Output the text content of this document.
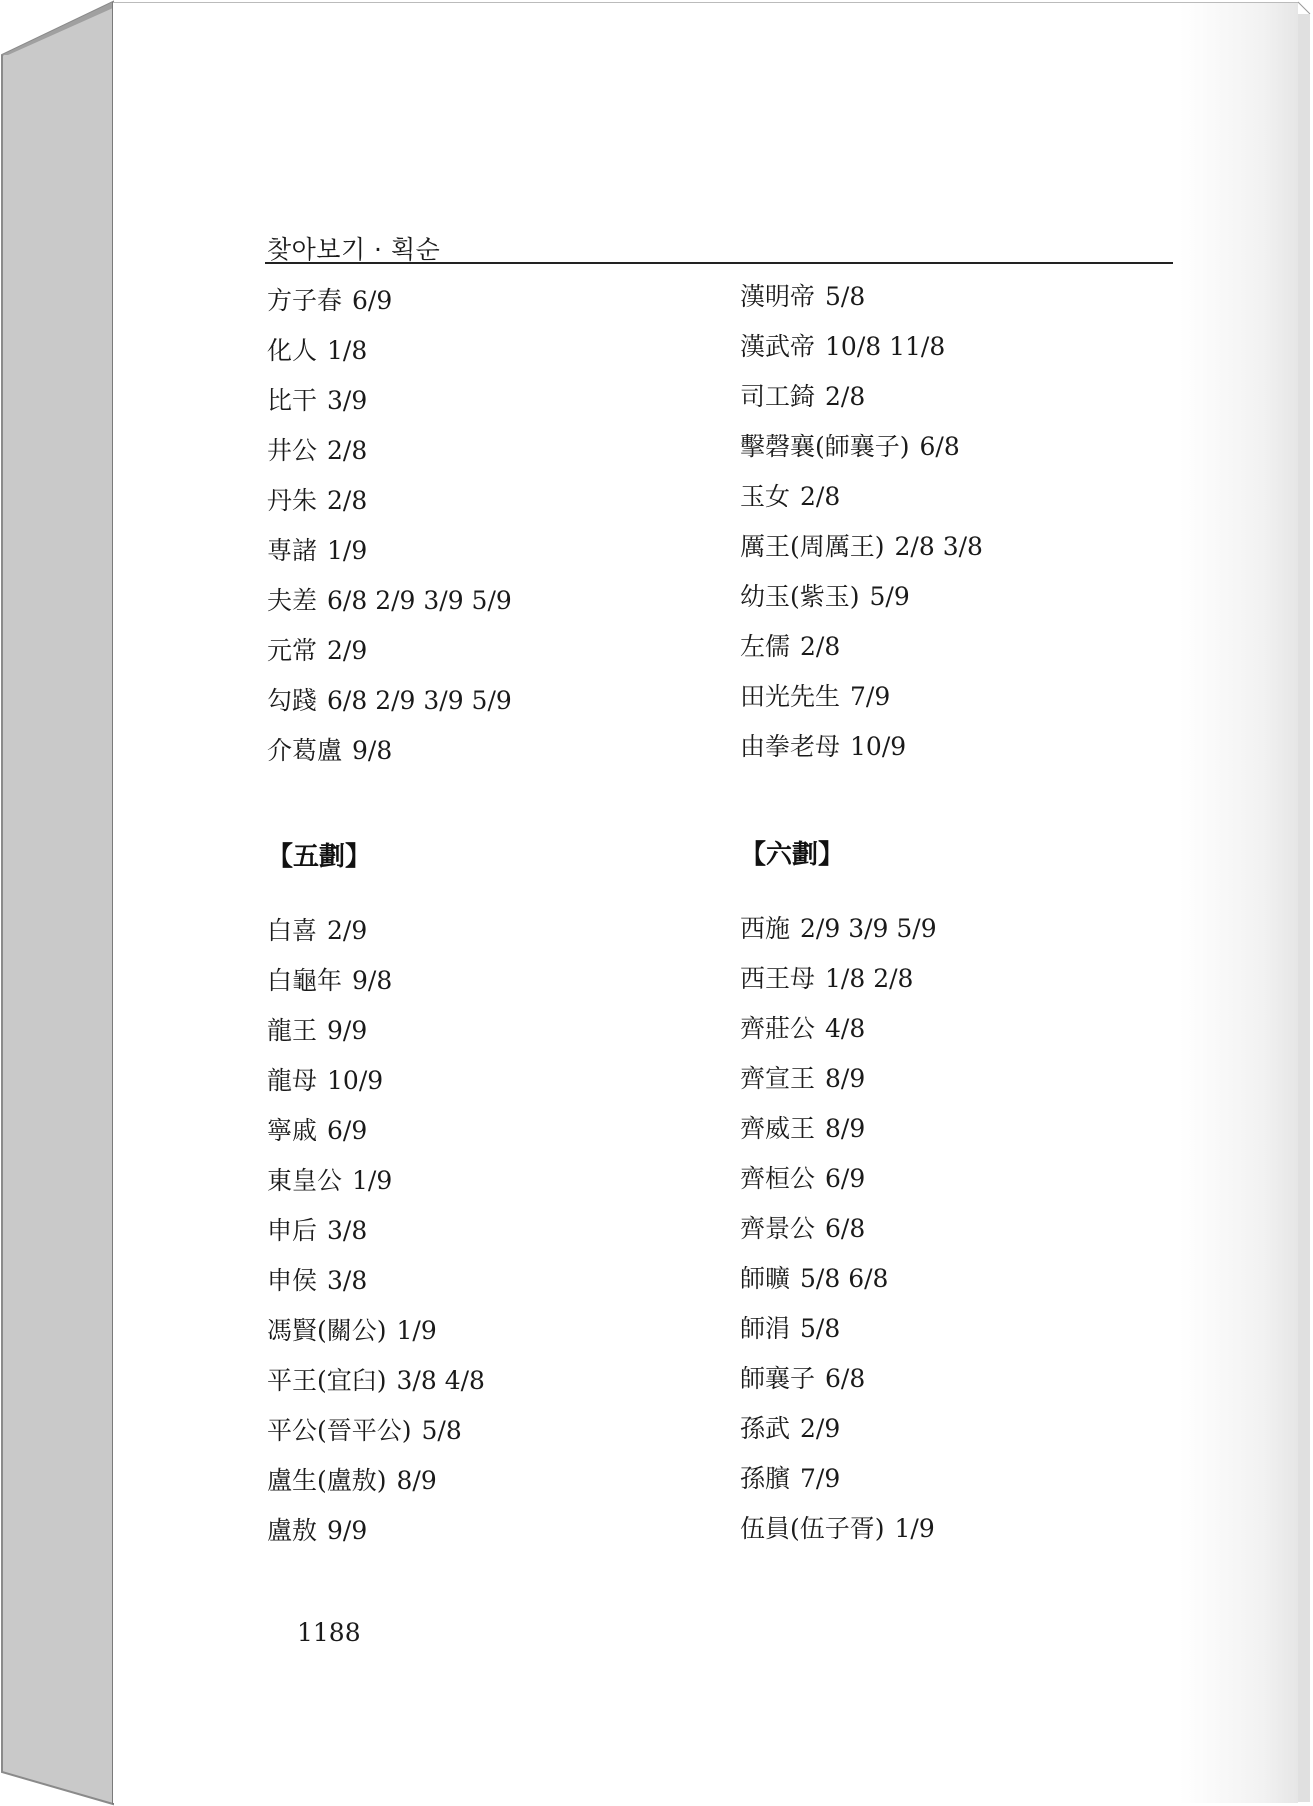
찾아보기 · 획순
方子春 6/9
化人 1/8
比干 3/9
井公 2/8
丹朱 2/8
専諸 1/9
夫差 6/8 2/9 3/9 5/9
元常 2/9
勾踐 6/8 2/9 3/9 5/9
介葛盧 9/8
【五劃】
白喜 2/9
白龜年 9/8
龍王 9/9
龍母 10/9
寧戚 6/9
東皇公 1/9
申后 3/8
申侯 3/8
馮賢(關公) 1/9
平王(宜臼) 3/8 4/8
平公(晉平公) 5/8
盧生(盧敖) 8/9
盧敖 9/9
漢明帝 5/8
漢武帝 10/8 11/8
司工錡 2/8
擊磬襄(師襄子) 6/8
玉女 2/8
厲王(周厲王) 2/8 3/8
幼玉(紫玉) 5/9
左儒 2/8
田光先生 7/9
由拳老母 10/9
【六劃】
西施 2/9 3/9 5/9
西王母 1/8 2/8
齊莊公 4/8
齊宣王 8/9
齊威王 8/9
齊桓公 6/9
齊景公 6/8
師曠 5/8 6/8
師涓 5/8
師襄子 6/8
孫武 2/9
孫臏 7/9
伍員(伍子胥) 1/9
1188
